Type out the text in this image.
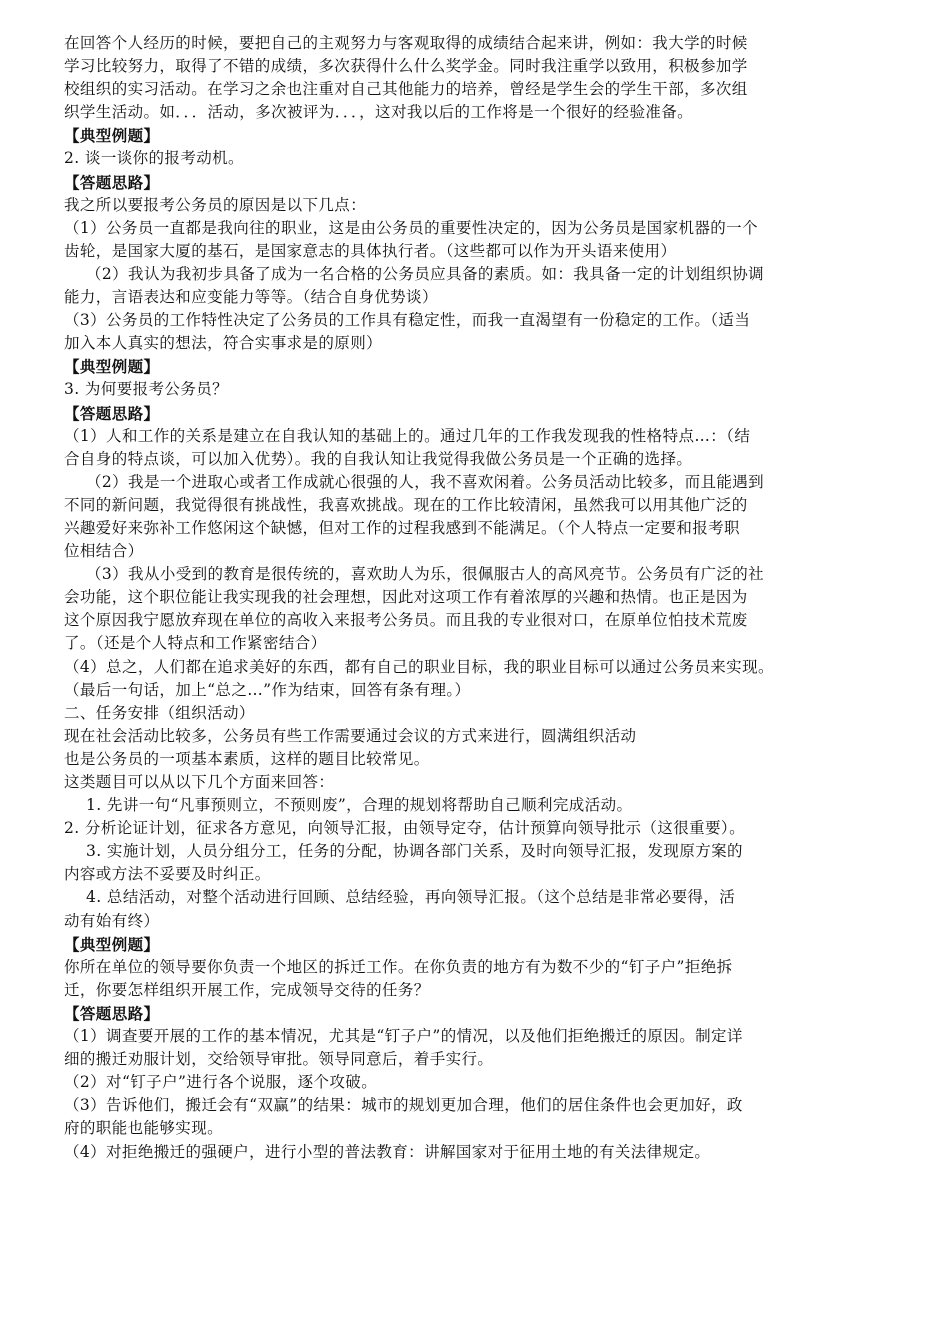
在回答个人经历的时候，要把自己的主观努力与客观取得的成绩结合起来讲，例如：我大学的时候
学习比较努力，取得了不错的成绩，多次获得什么什么奖学金。同时我注重学以致用，积极参加学
校组织的实习活动。在学习之余也注重对自己其他能力的培养，曾经是学生会的学生干部，多次组
织学生活动。如．．．活动，多次被评为．．．，这对我以后的工作将是一个很好的经验准备。
【典型例题】
2. 谈一谈你的报考动机。
【答题思路】
我之所以要报考公务员的原因是以下几点：
（1）公务员一直都是我向往的职业，这是由公务员的重要性决定的，因为公务员是国家机器的一个
齿轮，是国家大厦的基石，是国家意志的具体执行者。（这些都可以作为开头语来使用）
（2）我认为我初步具备了成为一名合格的公务员应具备的素质。如：我具备一定的计划组织协调
能力，言语表达和应变能力等等。（结合自身优势谈）
（3）公务员的工作特性决定了公务员的工作具有稳定性，而我一直渴望有一份稳定的工作。（适当
加入本人真实的想法，符合实事求是的原则）
【典型例题】
3. 为何要报考公务员？
【答题思路】
（1）人和工作的关系是建立在自我认知的基础上的。通过几年的工作我发现我的性格特点…：（结
合自身的特点谈，可以加入优势）。我的自我认知让我觉得我做公务员是一个正确的选择。
（2）我是一个进取心或者工作成就心很强的人，我不喜欢闲着。公务员活动比较多，而且能遇到
不同的新问题，我觉得很有挑战性，我喜欢挑战。现在的工作比较清闲，虽然我可以用其他广泛的
兴趣爱好来弥补工作悠闲这个缺憾，但对工作的过程我感到不能满足。（个人特点一定要和报考职
位相结合）
（3）我从小受到的教育是很传统的，喜欢助人为乐，很佩服古人的高风亮节。公务员有广泛的社
会功能，这个职位能让我实现我的社会理想，因此对这项工作有着浓厚的兴趣和热情。也正是因为
这个原因我宁愿放弃现在单位的高收入来报考公务员。而且我的专业很对口，在原单位怕技术荒废
了。（还是个人特点和工作紧密结合）
（4）总之，人们都在追求美好的东西，都有自己的职业目标，我的职业目标可以通过公务员来实现。
（最后一句话，加上“总之…”作为结束，回答有条有理。）
二、任务安排（组织活动）
现在社会活动比较多，公务员有些工作需要通过会议的方式来进行，圆满组织活动
也是公务员的一项基本素质，这样的题目比较常见。
这类题目可以从以下几个方面来回答：
1. 先讲一句“凡事预则立，不预则废”，合理的规划将帮助自己顺利完成活动。
2. 分析论证计划，征求各方意见，向领导汇报，由领导定夺，估计预算向领导批示（这很重要）。
3. 实施计划，人员分组分工，任务的分配，协调各部门关系，及时向领导汇报，发现原方案的
内容或方法不妥要及时纠正。
4. 总结活动，对整个活动进行回顾、总结经验，再向领导汇报。（这个总结是非常必要得，活
动有始有终）
【典型例题】
你所在单位的领导要你负责一个地区的拆迁工作。在你负责的地方有为数不少的“钉子户”拒绝拆
迁，你要怎样组织开展工作，完成领导交待的任务？
【答题思路】
（1）调查要开展的工作的基本情况，尤其是“钉子户”的情况，以及他们拒绝搬迁的原因。制定详
细的搬迁劝服计划，交给领导审批。领导同意后，着手实行。
（2）对“钉子户”进行各个说服，逐个攻破。
（3）告诉他们，搬迁会有“双赢”的结果：城市的规划更加合理，他们的居住条件也会更加好，政
府的职能也能够实现。
（4）对拒绝搬迁的强硬户，进行小型的普法教育：讲解国家对于征用土地的有关法律规定。
